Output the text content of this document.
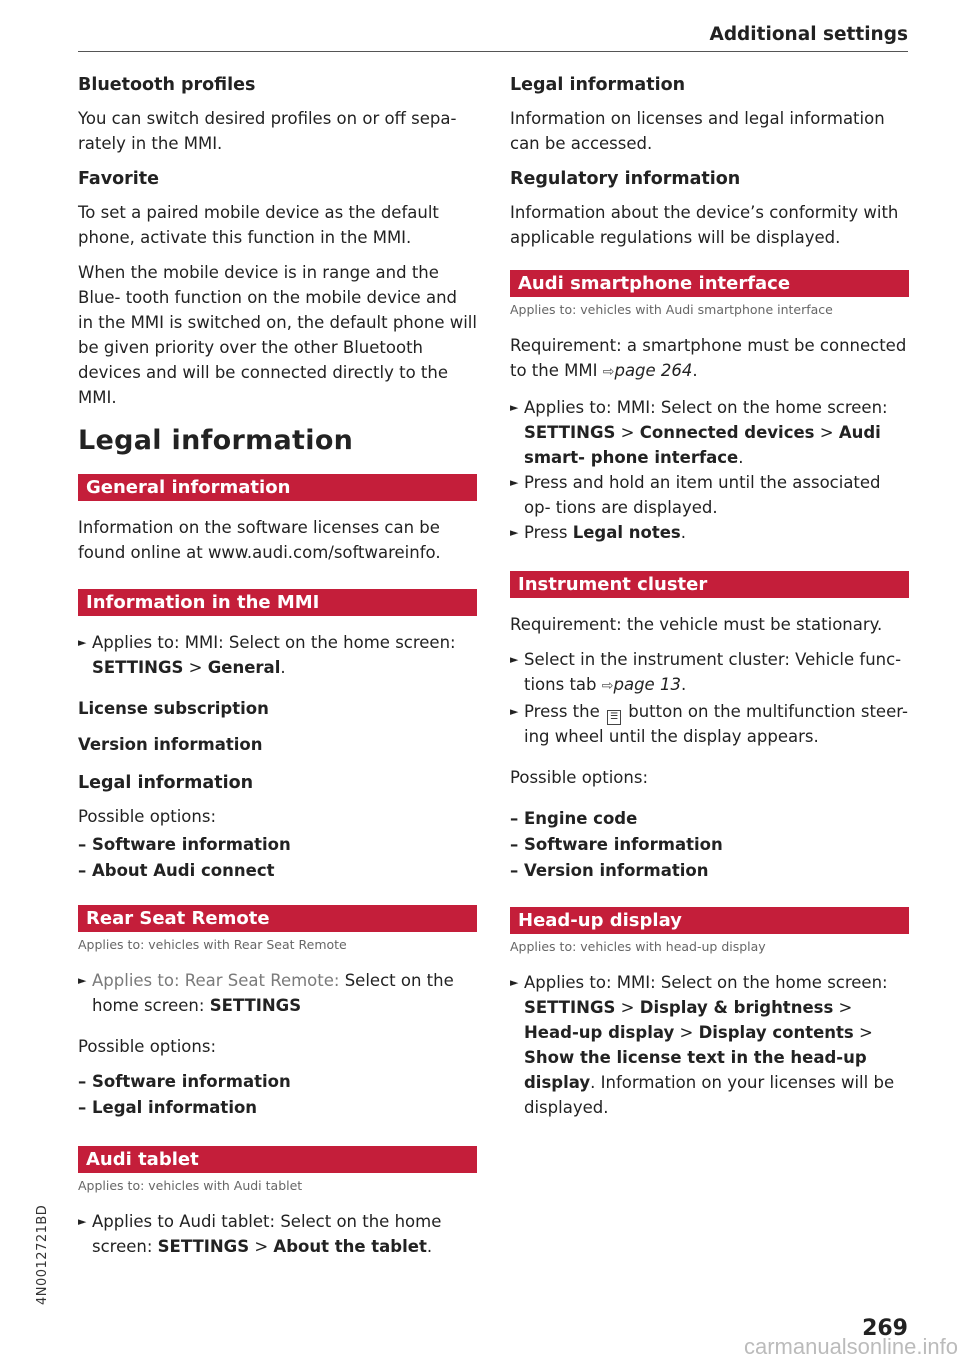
Additional settings
Bluetooth profiles

You can switch desired profiles on or off sepa- rately in the MMI.

Favorite

To set a paired mobile device as the default phone, activate this function in the MMI.

When the mobile device is in range and the Blue- tooth function on the mobile device and in the MMI is switched on, the default phone will be given priority over the other Bluetooth devices and will be connected directly to the MMI.

Legal information
General information

Information on the software licenses can be found online at www.audi.com/softwareinfo.

Information in the MMI
► Applies to: MMI: Select on the home screen:
SETTINGS > General.
License subscription
Version information
Legal information

Possible options:

– Software information
– About Audi connect
Rear Seat Remote
Applies to: vehicles with Rear Seat Remote
► Applies to: Rear Seat Remote: Select on the home screen: SETTINGS

Possible options:

– Software information
– Legal information
Audi tablet
Applies to: vehicles with Audi tablet
► Applies to Audi tablet: Select on the home screen: SETTINGS > About the tablet.
Legal information

Information on licenses and legal information can be accessed.

Regulatory information

Information about the device’s conformity with applicable regulations will be displayed.

Audi smartphone interface
Applies to: vehicles with Audi smartphone interface

Requirement: a smartphone must be connected to the MMI ⇨page 264.

► Applies to: MMI: Select on the home screen: SETTINGS > Connected devices > Audi smart- phone interface.
► Press and hold an item until the associated op- tions are displayed.
► Press Legal notes.
Instrument cluster

Requirement: the vehicle must be stationary.

► Select in the instrument cluster: Vehicle func- tions tab ⇨page 13.
► Press the ☰ button on the multifunction steer- ing wheel until the display appears.

Possible options:

– Engine code
– Software information
– Version information
Head-up display
Applies to: vehicles with head-up display
► Applies to: MMI: Select on the home screen: SETTINGS > Display & brightness > Head-up display > Display contents > Show the license text in the head-up display. Information on your licenses will be displayed.
4N0012721BD
269
carmanualsonline.info
